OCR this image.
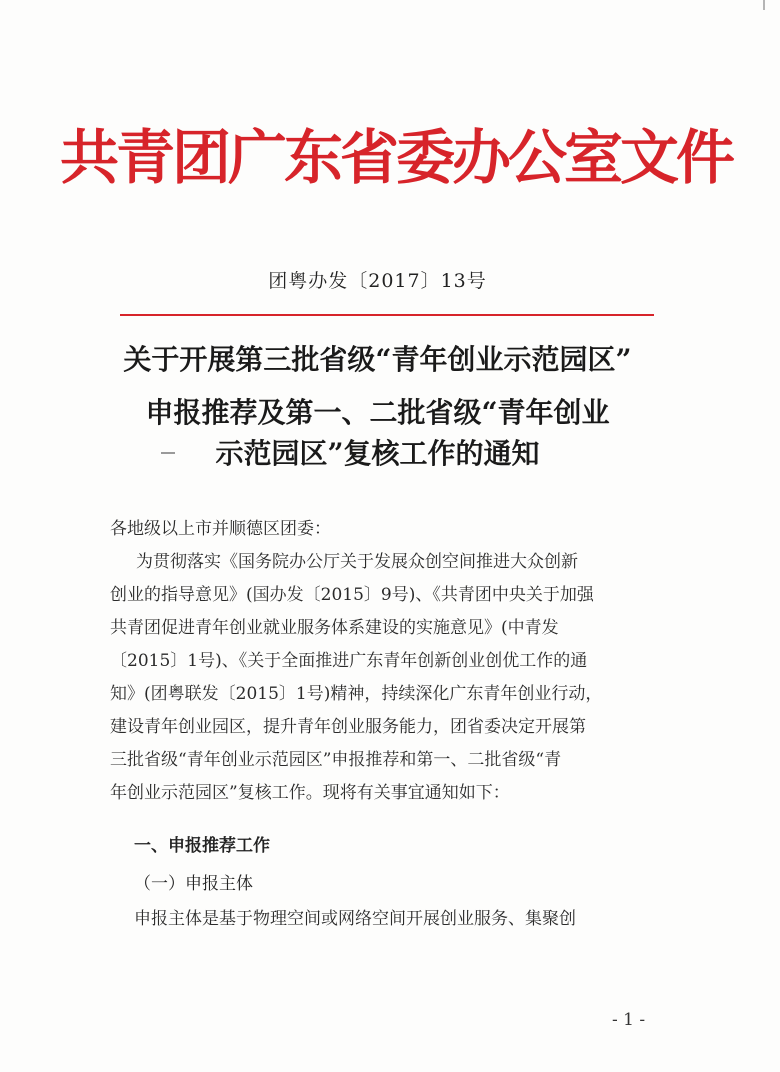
共青团广东省委办公室文件
团粤办发〔2017〕13号
关于开展第三批省级“青年创业示范园区”
申报推荐及第一、二批省级“青年创业
示范园区”复核工作的通知
各地级以上市并顺德区团委：
为贯彻落实《国务院办公厅关于发展众创空间推进大众创新
创业的指导意见》(国办发〔2015〕9号)、《共青团中央关于加强
共青团促进青年创业就业服务体系建设的实施意见》(中青发
〔2015〕1号)、《关于全面推进广东青年创新创业创优工作的通
知》(团粤联发〔2015〕1号)精神，持续深化广东青年创业行动，
建设青年创业园区，提升青年创业服务能力，团省委决定开展第
三批省级“青年创业示范园区”申报推荐和第一、二批省级“青
年创业示范园区”复核工作。现将有关事宜通知如下：
一、申报推荐工作
（一）申报主体
申报主体是基于物理空间或网络空间开展创业服务、集聚创
- 1 -
